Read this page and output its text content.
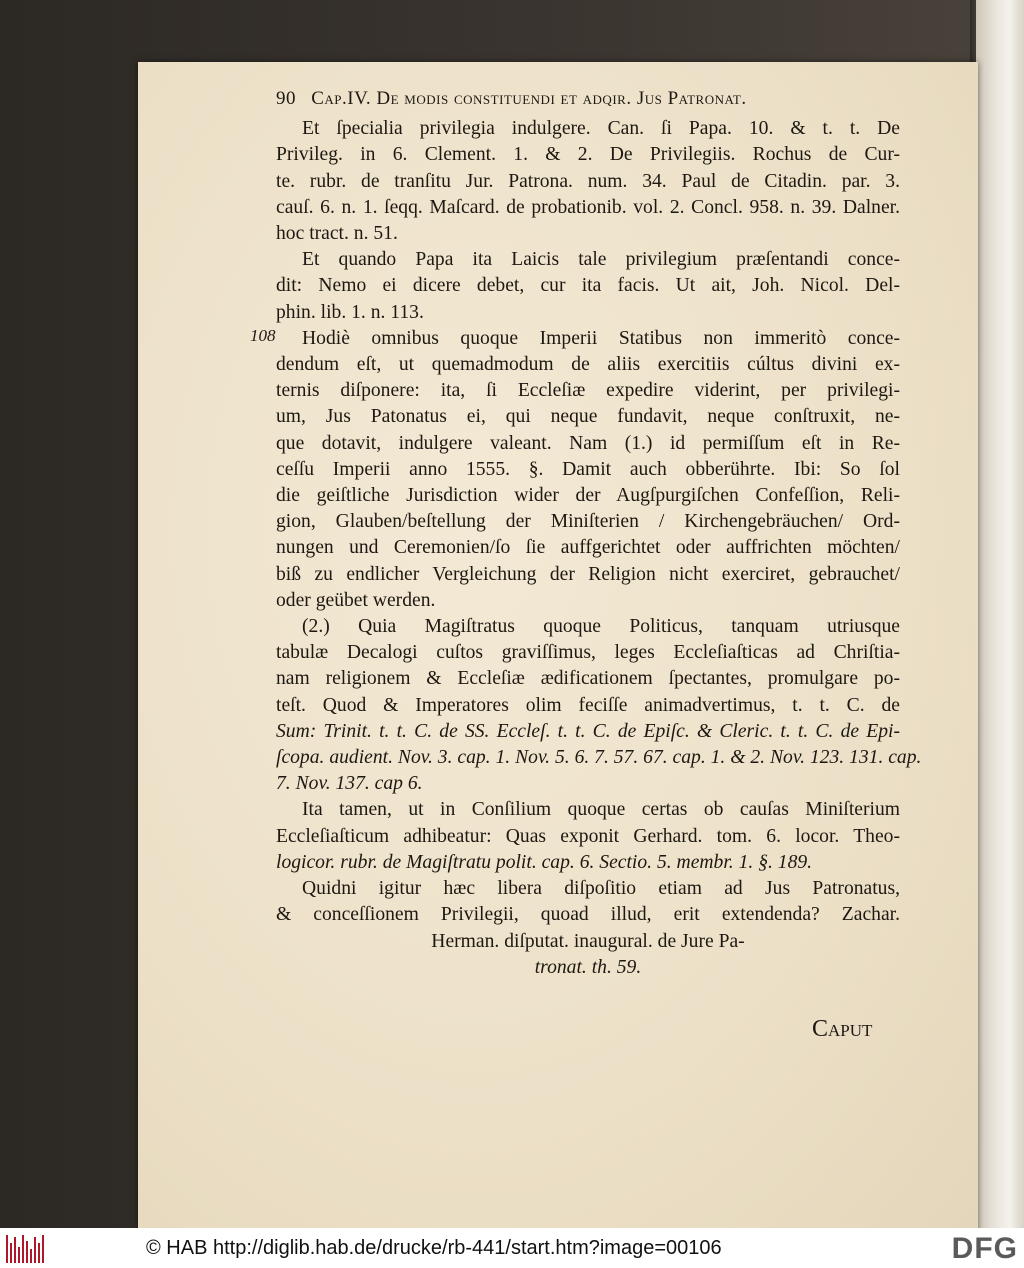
108
90 Cap.IV. De modis constituendi et adqir. Jus Patronat.
Et ſpecialia privilegia indulgere. Can. ſi Papa. 10. & t. t. De
Privileg. in 6. Clement. 1. & 2. De Privilegiis. Rochus de Cur-
te. rubr. de tranſitu Jur. Patrona. num. 34. Paul de Citadin. par. 3.
cauſ. 6. n. 1. ſeqq. Maſcard. de probationib. vol. 2. Concl. 958. n. 39. Dalner.
hoc tract. n. 51.
Et quando Papa ita Laicis tale privilegium præſentandi conce-
dit: Nemo ei dicere debet, cur ita facis. Ut ait, Joh. Nicol. Del-
phin. lib. 1. n. 113.
Hodiè omnibus quoque Imperii Statibus non immeritò conce-
dendum eſt, ut quemadmodum de aliis exercitiis cúltus divini ex-
ternis diſponere: ita, ſi Eccleſiæ expedire viderint, per privilegi-
um, Jus Patonatus ei, qui neque fundavit, neque conſtruxit, ne-
que dotavit, indulgere valeant. Nam (1.) id permiſſum eſt in Re-
ceſſu Imperii anno 1555. §. Damit auch obberührte. Ibi: So ſol
die geiſtliche Jurisdiction wider der Augſpurgiſchen Confeſſion, Reli-
gion, Glauben/beſtellung der Miniſterien / Kirchengebräuchen/ Ord-
nungen und Ceremonien/ſo ſie auffgerichtet oder auffrichten möchten/
biß zu endlicher Vergleichung der Religion nicht exerciret, gebrauchet/
oder geübet werden.
(2.) Quia Magiſtratus quoque Politicus, tanquam utriusque
tabulæ Decalogi cuſtos graviſſimus, leges Eccleſiaſticas ad Chriſtia-
nam religionem & Eccleſiæ ædificationem ſpectantes, promulgare po-
teſt. Quod & Imperatores olim feciſſe animadvertimus, t. t. C. de
Sum: Trinit. t. t. C. de SS. Eccleſ. t. t. C. de Epiſc. & Cleric. t. t. C. de Epi-
ſcopa. audient. Nov. 3. cap. 1. Nov. 5. 6. 7. 57. 67. cap. 1. & 2. Nov. 123. 131. cap.
7. Nov. 137. cap 6.
Ita tamen, ut in Conſilium quoque certas ob cauſas Miniſterium
Eccleſiaſticum adhibeatur: Quas exponit Gerhard. tom. 6. locor. Theo-
logicor. rubr. de Magiſtratu polit. cap. 6. Sectio. 5. membr. 1. §. 189.
Quidni igitur hæc libera diſpoſitio etiam ad Jus Patronatus,
& conceſſionem Privilegii, quoad illud, erit extendenda? Zachar.
Herman. diſputat. inaugural. de Jure Pa-
tronat. th. 59.
Caput
© HAB http://diglib.hab.de/drucke/rb-441/start.htm?image=00106	DFG
